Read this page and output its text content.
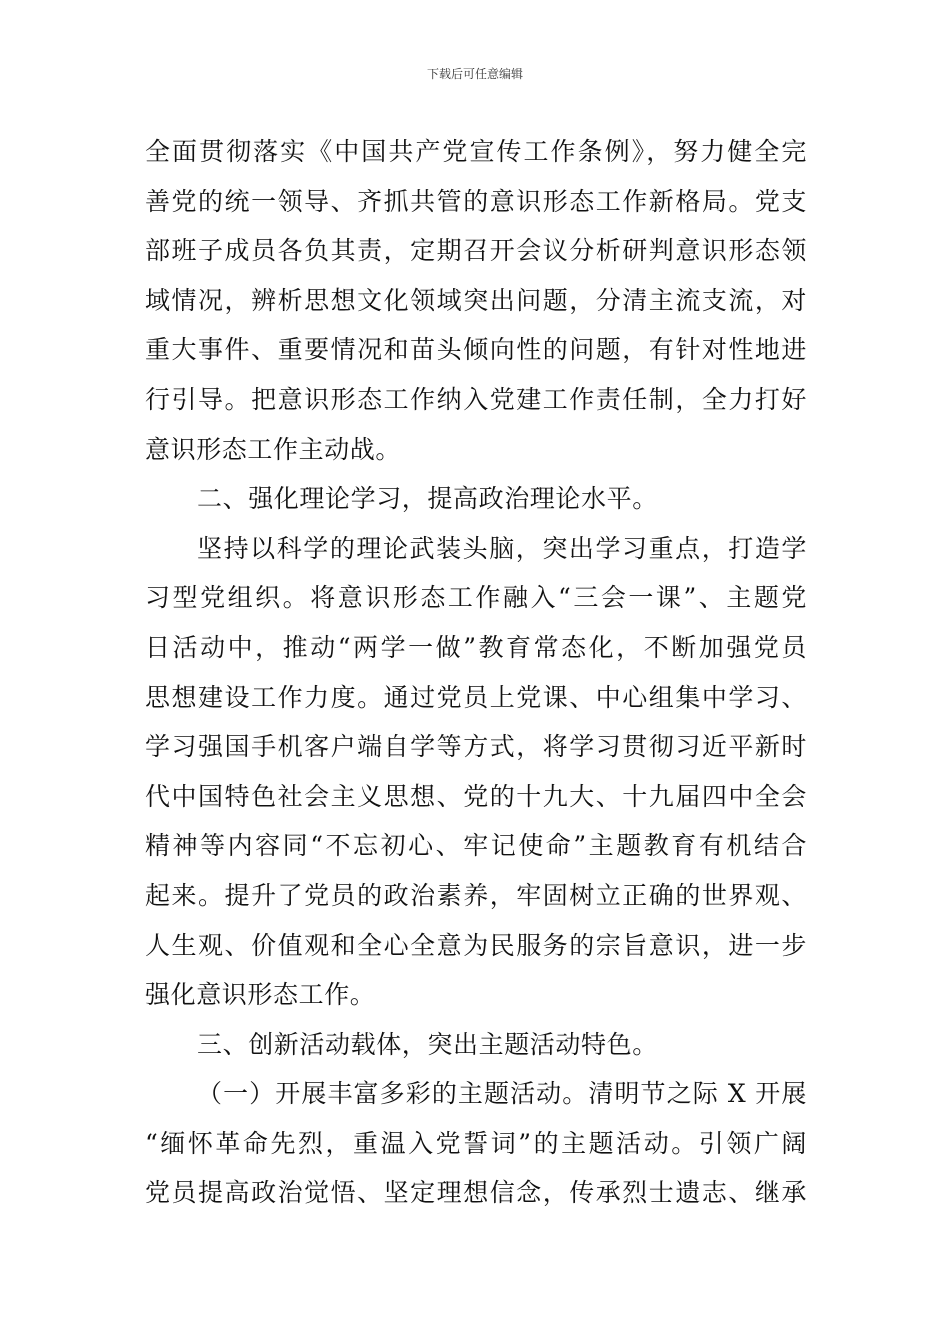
下载后可任意编辑
全面贯彻落实《中国共产党宣传工作条例》，努力健全完
善党的统一领导、齐抓共管的意识形态工作新格局。党支
部班子成员各负其责，定期召开会议分析研判意识形态领
域情况，辨析思想文化领域突出问题，分清主流支流，对
重大事件、重要情况和苗头倾向性的问题，有针对性地进
行引导。把意识形态工作纳入党建工作责任制，全力打好
意识形态工作主动战。
二、强化理论学习，提高政治理论水平。
坚持以科学的理论武装头脑，突出学习重点，打造学
习型党组织。将意识形态工作融入“三会一课”、主题党
日活动中，推动“两学一做”教育常态化，不断加强党员
思想建设工作力度。通过党员上党课、中心组集中学习、
学习强国手机客户端自学等方式，将学习贯彻习近平新时
代中国特色社会主义思想、党的十九大、十九届四中全会
精神等内容同“不忘初心、牢记使命”主题教育有机结合
起来。提升了党员的政治素养，牢固树立正确的世界观、
人生观、价值观和全心全意为民服务的宗旨意识，进一步
强化意识形态工作。
三、创新活动载体，突出主题活动特色。
（一）开展丰富多彩的主题活动。清明节之际 X 开展
“缅怀革命先烈，重温入党誓词”的主题活动。引领广阔
党员提高政治觉悟、坚定理想信念，传承烈士遗志、继承
